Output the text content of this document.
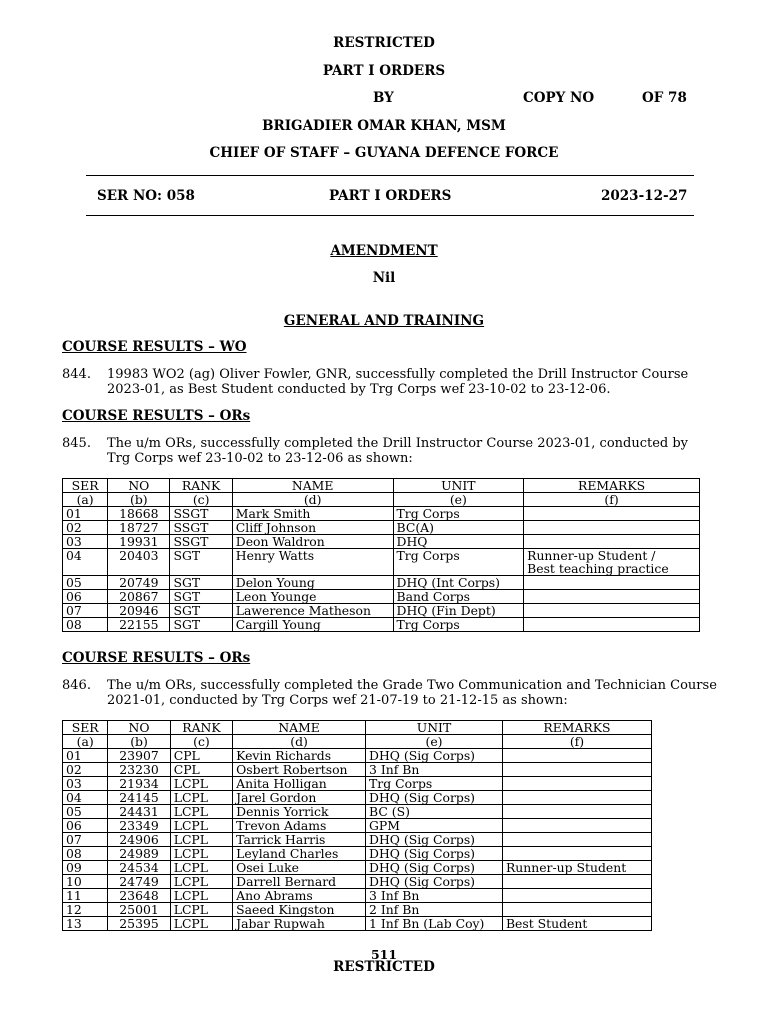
RESTRICTED
PART I ORDERS
BY	COPY NO	OF 78
BRIGADIER OMAR KHAN, MSM
CHIEF OF STAFF – GUYANA DEFENCE FORCE
SER NO: 058	PART I ORDERS	2023-12-27
AMENDMENT
Nil
GENERAL AND TRAINING
COURSE RESULTS – WO
844. 19983 WO2 (ag) Oliver Fowler, GNR, successfully completed the Drill Instructor Course
2023-01, as Best Student conducted by Trg Corps wef 23-10-02 to 23-12-06.
COURSE RESULTS – ORs
845. The u/m ORs, successfully completed the Drill Instructor Course 2023-01, conducted by
Trg Corps wef 23-10-02 to 23-12-06 as shown:
SER	NO	RANK	NAME	UNIT	REMARKS
(a)	(b)	(c)	(d)	(e)	(f)
01	18668	SSGT	Mark Smith	Trg Corps	
02	18727	SSGT	Cliff Johnson	BC(A)	
03	19931	SSGT	Deon Waldron	DHQ	
04	20403	SGT	Henry Watts	Trg Corps	Runner-up Student /
Best teaching practice

05	20749	SGT	Delon Young	DHQ (Int Corps)	
06	20867	SGT	Leon Younge	Band Corps	
07	20946	SGT	Lawerence Matheson	DHQ (Fin Dept)	
08	22155	SGT	Cargill Young	Trg Corps	
COURSE RESULTS – ORs
846. The u/m ORs, successfully completed the Grade Two Communication and Technician Course
2021-01, conducted by Trg Corps wef 21-07-19 to 21-12-15 as shown:
SER	NO	RANK	NAME	UNIT	REMARKS
(a)	(b)	(c)	(d)	(e)	(f)
01	23907	CPL	Kevin Richards	DHQ (Sig Corps)	
02	23230	CPL	Osbert Robertson	3 Inf Bn	
03	21934	LCPL	Anita Holligan	Trg Corps	
04	24145	LCPL	Jarel Gordon	DHQ (Sig Corps)	
05	24431	LCPL	Dennis Yorrick	BC (S)	
06	23349	LCPL	Trevon Adams	GPM	
07	24906	LCPL	Tarrick Harris	DHQ (Sig Corps)	
08	24989	LCPL	Leyland Charles	DHQ (Sig Corps)	
09	24534	LCPL	Osei Luke	DHQ (Sig Corps)	Runner-up Student
10	24749	LCPL	Darrell Bernard	DHQ (Sig Corps)	
11	23648	LCPL	Ano Abrams	3 Inf Bn	
12	25001	LCPL	Saeed Kingston	2 Inf Bn	
13	25395	LCPL	Jabar Rupwah	1 Inf Bn (Lab Coy)	Best Student
511
RESTRICTED
